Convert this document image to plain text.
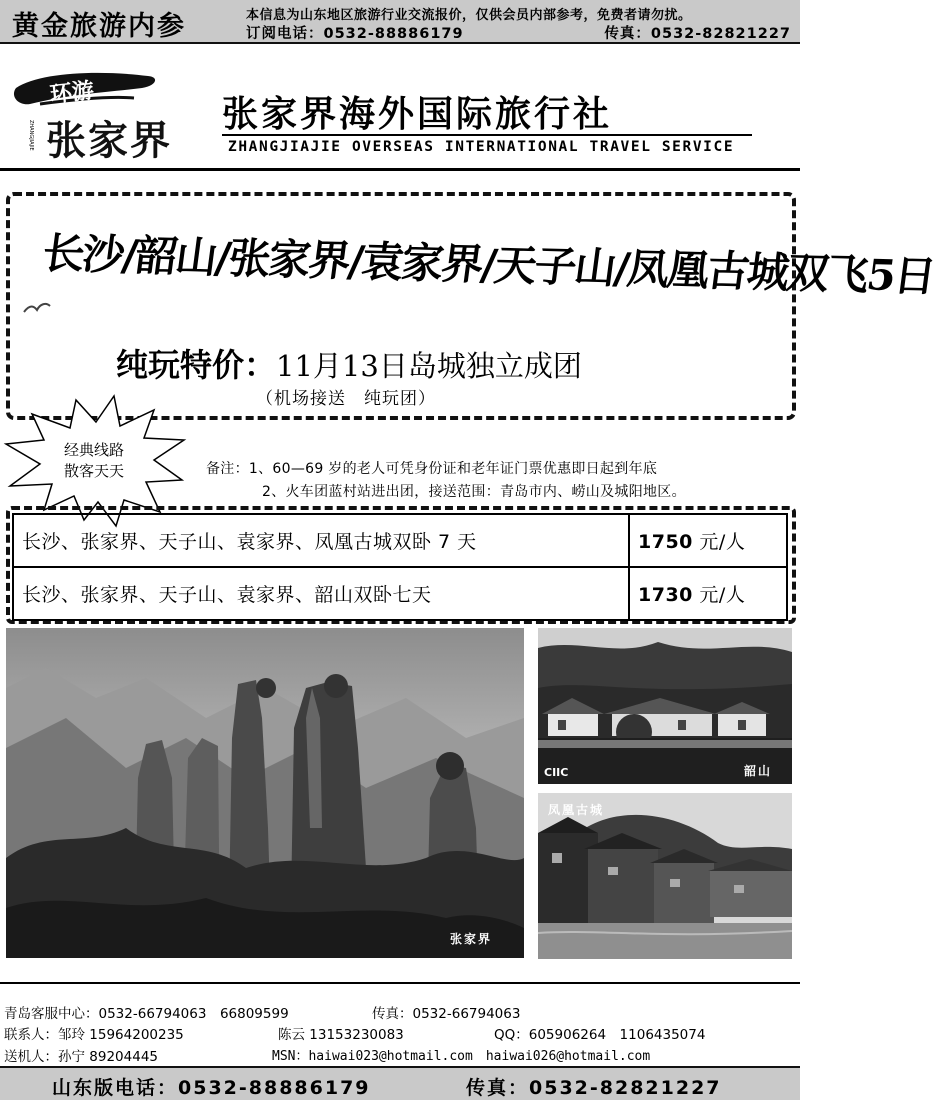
黄金旅游内参	本信息为山东地区旅游行业交流报价，仅供会员内部参考，免费者请勿扰。
订阅电话：0532-88886179	传真：0532-82821227
环游
ZHANGJIAJIE 张家界
张家界海外国际旅行社
ZHANGJIAJIE OVERSEAS INTERNATIONAL TRAVEL SERVICE
长沙/韶山/张家界/袁家界/天子山/凤凰古城双飞5日
纯玩特价：11月13日岛城独立成团
（机场接送　纯玩团）
经典线路
散客天天	备注：1、60—69 岁的老人可凭身份证和老年证门票优惠即日起到年底
2、火车团蓝村站进出团，接送范围：青岛市内、崂山及城阳地区。
长沙、张家界、天子山、袁家界、凤凰古城双卧 7 天	1750 元/人
长沙、张家界、天子山、袁家界、韶山双卧七天	1730 元/人
张家界
CIIC	韶山
凤凰古城
青岛客服中心：0532-66794063　66809599	传真：0532-66794063
联系人：邹玲 15964200235	陈云 13153230083	QQ：605906264　1106435074
送机人：孙宁 89204445	MSN：haiwai023@hotmail.com　haiwai026@hotmail.com
山东版电话：0532-88886179	传真：0532-82821227
